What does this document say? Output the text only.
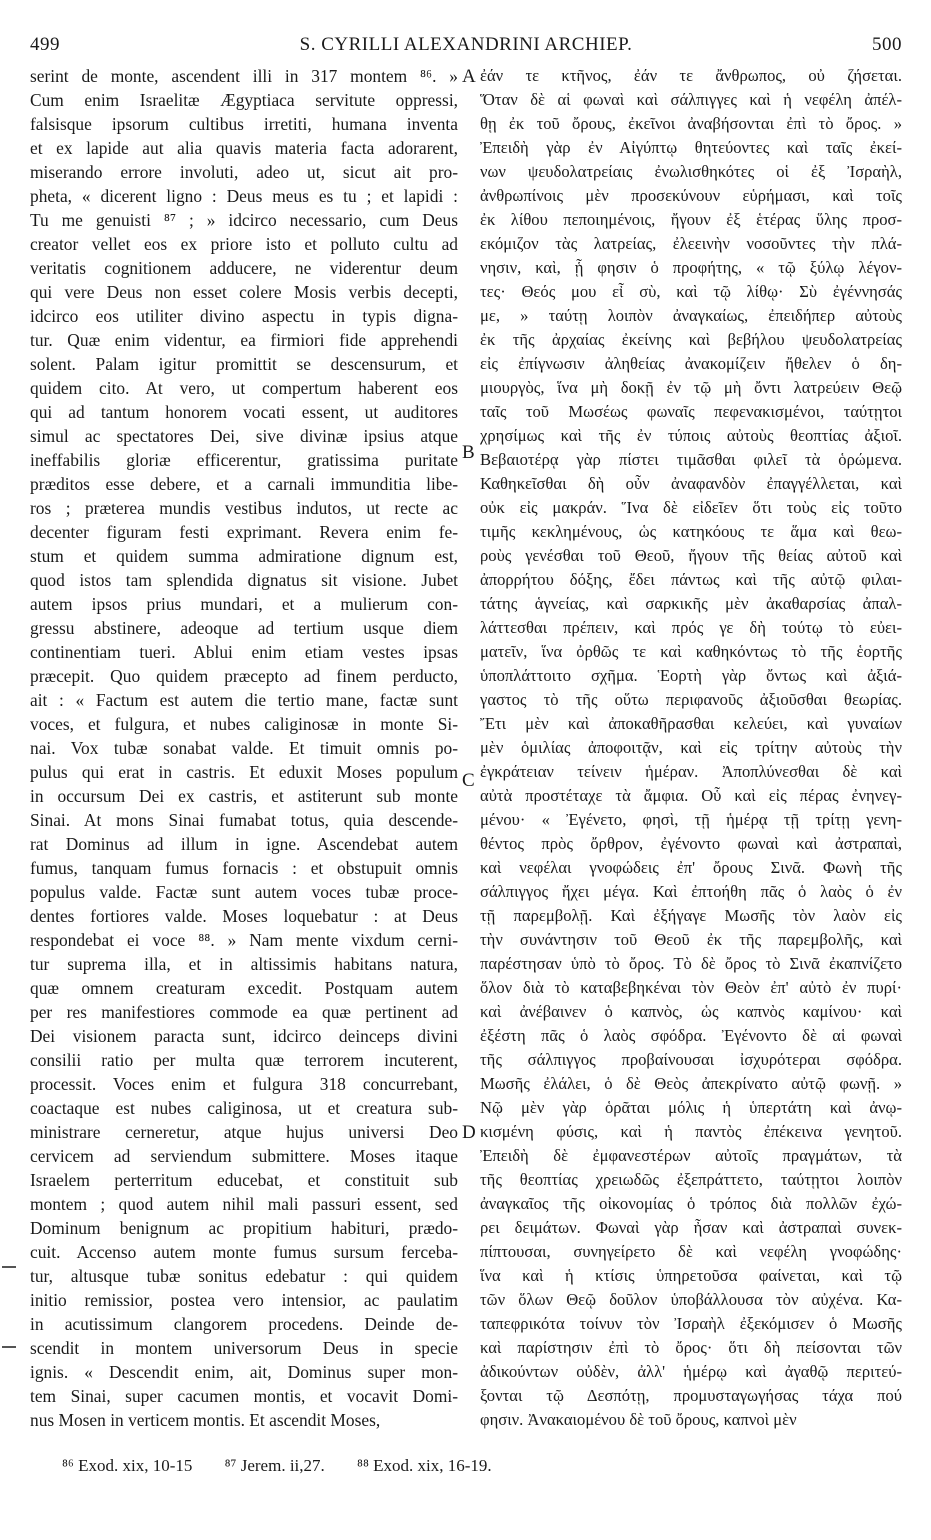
499	S. CYRILLI ALEXANDRINI ARCHIEP.	500
serint de monte, ascendent illi in 317 montem ⁸⁶. »
Cum enim Israelitæ Ægyptiaca servitute oppressi,
falsisque ipsorum cultibus irretiti, humana inventa
et ex lapide aut alia quavis materia facta adorarent,
miserando errore involuti, adeo ut, sicut ait pro-
pheta, « dicerent ligno : Deus meus es tu ; et lapidi :
Tu me genuisti ⁸⁷ ; » idcirco necessario, cum Deus
creator vellet eos ex priore isto et polluto cultu ad
veritatis cognitionem adducere, ne viderentur deum
qui vere Deus non esset colere Mosis verbis decepti,
idcirco eos utiliter divino aspectu in typis digna-
tur. Quæ enim videntur, ea firmiori fide apprehendi
solent. Palam igitur promittit se descensurum, et
quidem cito. At vero, ut compertum haberent eos
qui ad tantum honorem vocati essent, ut auditores
simul ac spectatores Dei, sive divinæ ipsius atque
ineffabilis gloriæ efficerentur, gratissima puritate
præditos esse debere, et a carnali immunditia libe-
ros ; præterea mundis vestibus indutos, ut recte ac
decenter figuram festi exprimant. Revera enim fe-
stum et quidem summa admiratione dignum est,
quod istos tam splendida dignatus sit visione. Jubet
autem ipsos prius mundari, et a mulierum con-
gressu abstinere, adeoque ad tertium usque diem
continentiam tueri. Ablui enim etiam vestes ipsas
præcepit. Quo quidem præcepto ad finem perducto,
ait : « Factum est autem die tertio mane, factæ sunt
voces, et fulgura, et nubes caliginosæ in monte Si-
nai. Vox tubæ sonabat valde. Et timuit omnis po-
pulus qui erat in castris. Et eduxit Moses populum
in occursum Dei ex castris, et astiterunt sub monte
Sinai. At mons Sinai fumabat totus, quia descende-
rat Dominus ad illum in igne. Ascendebat autem
fumus, tanquam fumus fornacis : et obstupuit omnis
populus valde. Factæ sunt autem voces tubæ proce-
dentes fortiores valde. Moses loquebatur : at Deus
respondebat ei voce ⁸⁸. » Nam mente vixdum cerni-
tur suprema illa, et in altissimis habitans natura,
quæ omnem creaturam excedit. Postquam autem
per res manifestiores commode ea quæ pertinent ad
Dei visionem paracta sunt, idcirco deinceps divini
consilii ratio per multa quæ terrorem incuterent,
processit. Voces enim et fulgura 318 concurrebant,
coactaque est nubes caliginosa, ut et creatura sub-
ministrare cerneretur, atque hujus universi Deo
cervicem ad serviendum submittere. Moses itaque
Israelem perterritum educebat, et constituit sub
montem ; quod autem nihil mali passuri essent, sed
Dominum benignum ac propitium habituri, prædo-
cuit. Accenso autem monte fumus sursum ferceba-
tur, altusque tubæ sonitus edebatur : qui quidem
initio remissior, postea vero intensior, ac paulatim
in acutissimum clangorem procedens. Deinde de-
scendit in montem universorum Deus in specie
ignis. « Descendit enim, ait, Dominus super mon-
tem Sinai, super cacumen montis, et vocavit Domi-
nus Mosen in verticem montis. Et ascendit Moses,
ἐάν τε κτῆνος, ἐάν τε ἄνθρωπος, οὐ ζήσεται.
Ὅταν δὲ αἱ φωναὶ καὶ σάλπιγγες καὶ ἡ νεφέλη ἀπέλ-
θῃ ἐκ τοῦ ὄρους, ἐκεῖνοι ἀναβήσονται ἐπὶ τὸ ὄρος. »
Ἐπειδὴ γὰρ ἐν Αἰγύπτῳ θητεύοντες καὶ ταῖς ἐκεί-
νων ψευδολατρείαις ἐνωλισθηκότες οἱ ἐξ Ἰσραὴλ,
ἀνθρωπίνοις μὲν προσεκύνουν εὑρήμασι, καὶ τοῖς
ἐκ λίθου πεποιημένοις, ἤγουν ἐξ ἑτέρας ὕλης προσ-
εκόμιζον τὰς λατρείας, ἐλεεινὴν νοσοῦντες τὴν πλά-
νησιν, καὶ, ᾗ φησιν ὁ προφήτης, « τῷ ξύλῳ λέγον-
τες· Θεός μου εἶ σὺ, καὶ τῷ λίθῳ· Σὺ ἐγέννησάς
με, » ταύτῃ λοιπὸν ἀναγκαίως, ἐπειδήπερ αὐτοὺς
ἐκ τῆς ἀρχαίας ἐκείνης καὶ βεβήλου ψευδολατρείας
εἰς ἐπίγνωσιν ἀληθείας ἀνακομίζειν ἤθελεν ὁ δη-
μιουργὸς, ἵνα μὴ δοκῇ ἐν τῷ μὴ ὄντι λατρεύειν Θεῷ
ταῖς τοῦ Μωσέως φωναῖς πεφενακισμένοι, ταύτῃτοι
χρησίμως καὶ τῆς ἐν τύποις αὐτοὺς θεοπτίας ἀξιοῖ.
Βεβαιοτέρᾳ γὰρ πίστει τιμᾶσθαι φιλεῖ τὰ ὁρώμενα.
Καθηκεῖσθαι δὴ οὖν ἀναφανδὸν ἐπαγγέλλεται, καὶ
οὐκ εἰς μακράν. Ἵνα δὲ εἰδεῖεν ὅτι τοὺς εἰς τοῦτο
τιμῆς κεκλημένους, ὡς κατηκόους τε ἅμα καὶ θεω-
ροὺς γενέσθαι τοῦ Θεοῦ, ἤγουν τῆς θείας αὐτοῦ καὶ
ἀπορρήτου δόξης, ἔδει πάντως καὶ τῆς αὐτῷ φιλαι-
τάτης ἁγνείας, καὶ σαρκικῆς μὲν ἀκαθαρσίας ἀπαλ-
λάττεσθαι πρέπειν, καὶ πρός γε δὴ τούτῳ τὸ εὐει-
ματεῖν, ἵνα ὀρθῶς τε καὶ καθηκόντως τὸ τῆς ἑορτῆς
ὑποπλάττοιτο σχῆμα. Ἑορτὴ γὰρ ὄντως καὶ ἀξιά-
γαστος τὸ τῆς οὕτω περιφανοῦς ἀξιοῦσθαι θεωρίας.
Ἔτι μὲν καὶ ἀποκαθῆρασθαι κελεύει, καὶ γυναίων
μὲν ὁμιλίας ἀποφοιτᾷν, καὶ εἰς τρίτην αὐτοὺς τὴν
ἐγκράτειαν τείνειν ἡμέραν. Ἀποπλύνεσθαι δὲ καὶ
αὐτὰ προστέταχε τὰ ἄμφια. Οὗ καὶ εἰς πέρας ἐνηνεγ-
μένου· « Ἐγένετο, φησὶ, τῇ ἡμέρᾳ τῇ τρίτῃ γενη-
θέντος πρὸς ὄρθρον, ἐγένοντο φωναὶ καὶ ἀστραπαὶ,
καὶ νεφέλαι γνοφώδεις ἐπ' ὄρους Σινᾶ. Φωνὴ τῆς
σάλπιγγος ἤχει μέγα. Καὶ ἐπτοήθη πᾶς ὁ λαὸς ὁ ἐν
τῇ παρεμβολῇ. Καὶ ἐξήγαγε Μωσῆς τὸν λαὸν εἰς
τὴν συνάντησιν τοῦ Θεοῦ ἐκ τῆς παρεμβολῆς, καὶ
παρέστησαν ὑπὸ τὸ ὄρος. Τὸ δὲ ὄρος τὸ Σινᾶ ἐκαπνίζετο
ὅλον διὰ τὸ καταβεβηκέναι τὸν Θεὸν ἐπ' αὐτὸ ἐν πυρί·
καὶ ἀνέβαινεν ὁ καπνὸς, ὡς καπνὸς καμίνου· καὶ
ἐξέστη πᾶς ὁ λαὸς σφόδρα. Ἐγένοντο δὲ αἱ φωναὶ
τῆς σάλπιγγος προβαίνουσαι ἰσχυρότεραι σφόδρα.
Μωσῆς ἐλάλει, ὁ δὲ Θεὸς ἀπεκρίνατο αὐτῷ φωνῇ. »
Νῷ μὲν γὰρ ὁρᾶται μόλις ἡ ὑπερτάτη καὶ ἀνῳ-
κισμένη φύσις, καὶ ἡ παντὸς ἐπέκεινα γενητοῦ.
Ἐπειδὴ δὲ ἐμφανεστέρων αὐτοῖς πραγμάτων, τὰ
τῆς θεοπτίας χρειωδῶς ἐξεπράττετο, ταύτῃτοι λοιπὸν
ἀναγκαῖος τῆς οἰκονομίας ὁ τρόπος διὰ πολλῶν ἐχώ-
ρει δειμάτων. Φωναὶ γὰρ ἦσαν καὶ ἀστραπαὶ συνεκ-
πίπτουσαι, συνηγείρετο δὲ καὶ νεφέλη γνοφώδης·
ἵνα καὶ ἡ κτίσις ὑπηρετοῦσα φαίνεται, καὶ τῷ
τῶν ὅλων Θεῷ δοῦλον ὑποβάλλουσα τὸν αὐχένα. Κα-
ταπεφρικότα τοίνυν τὸν Ἰσραὴλ ἐξεκόμισεν ὁ Μωσῆς
καὶ παρίστησιν ἐπὶ τὸ ὄρος· ὅτι δὴ πείσονται τῶν
ἀδικούντων οὐδὲν, ἀλλ' ἡμέρῳ καὶ ἀγαθῷ περιτεύ-
ξονται τῷ Δεσπότῃ, προμυσταγωγήσας τάχα πού
φησιν. Ἀνακαιομένου δὲ τοῦ ὄρους, καπνοὶ μὲν
A
B
C
D
⁸⁶ Exod. xix, 10-15 ⁸⁷ Jerem. ii,27. ⁸⁸ Exod. xix, 16-19.
